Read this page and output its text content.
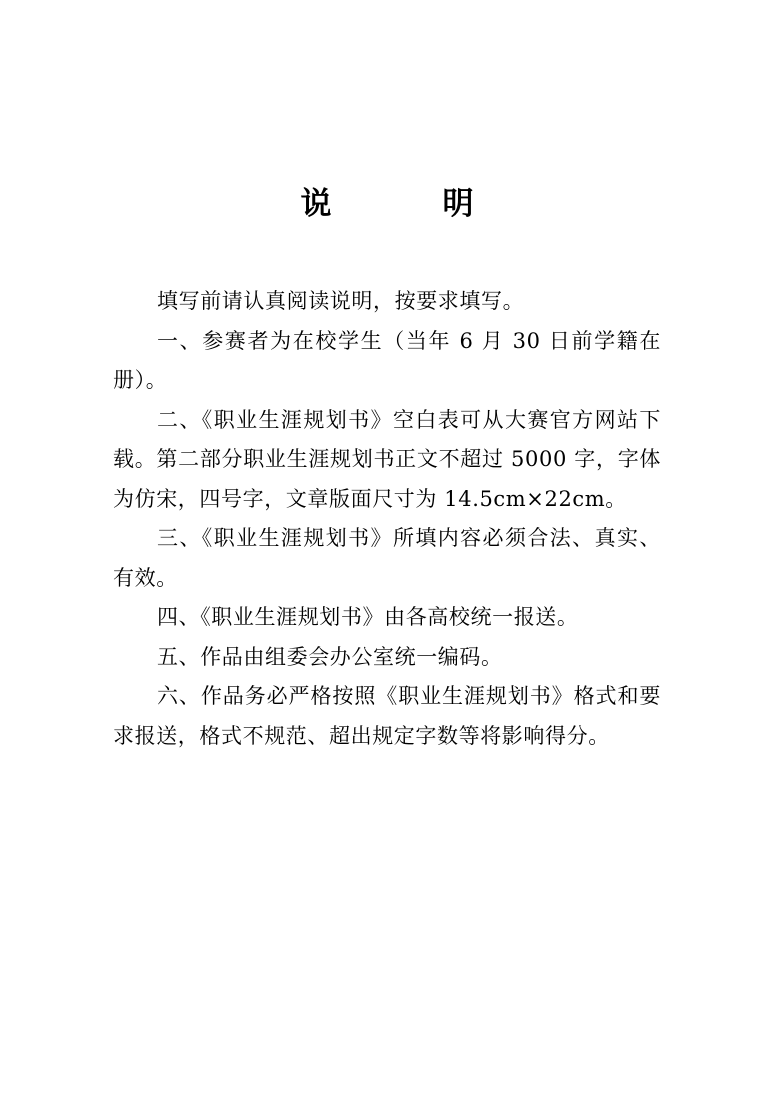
说　明

填写前请认真阅读说明，按要求填写。

一、参赛者为在校学生（当年 6 月 30 日前学籍在册）。

二、《职业生涯规划书》空白表可从大赛官方网站下载。第二部分职业生涯规划书正文不超过 5000 字，字体为仿宋，四号字，文章版面尺寸为 14.5cm×22cm。

三、《职业生涯规划书》所填内容必须合法、真实、有效。

四、《职业生涯规划书》由各高校统一报送。

五、作品由组委会办公室统一编码。

六、作品务必严格按照《职业生涯规划书》格式和要求报送，格式不规范、超出规定字数等将影响得分。
